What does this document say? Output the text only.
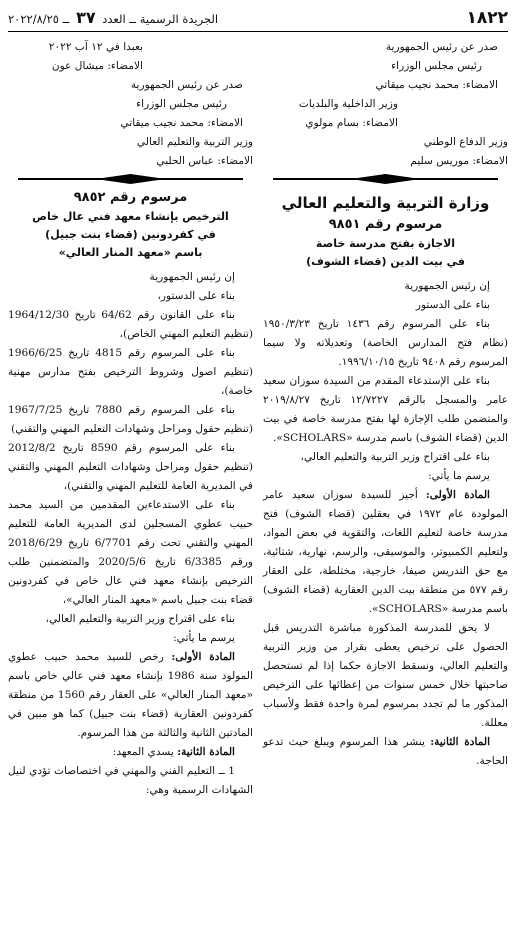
١٨٢٢
الجريدة الرسمية ــ العدد ٣٧ ــ ٢٠٢٢/٨/٢٥

صدر عن رئيس الجمهورية

رئيس مجلس الوزراء

الامضاء: محمد نجيب ميقاتي

وزير الداخلية والبلديات

الامضاء: بسام مولوي

وزير الدفاع الوطني

الامضاء: موريس سليم

وزارة التربية والتعليم العالي
مرسوم رقم ٩٨٥١
الاجازة بفتح مدرسة خاصة
في بيت الدين (قضاء الشوف)

إن رئيس الجمهورية

بناء على الدستور

بناء على المرسوم رقم ١٤٣٦ تاريخ ١٩٥٠/٣/٢٣ (نظام فتح المدارس الخاصة) وتعديلاته ولا سيما المرسوم رقم ٩٤٠٨ تاريخ ١٩٩٦/١٠/١٥.

بناء على الإستدعاء المقدم من السيدة سوزان سعيد عامر والمسجل بالرقم ١٢/٧٢٢٧ تاريخ ٢٠١٩/٨/٢٧ والمتضمن طلب الإجازة لها بفتح مدرسة خاصة في بيت الدين (قضاء الشوف) باسم مدرسة «SCHOLARS».

بناء على اقتراح وزير التربية والتعليم العالي،

يرسم ما يأتي:

المادة الأولى: أجيز للسيدة سوزان سعيد عامر المولودة عام ١٩٧٢ في بعقلين (قضاء الشوف) فتح مدرسة خاصة لتعليم اللغات، والتقوية في بعض المواد، ولتعليم الكمبيوتر، والموسيقى، والرسم، نهارية، شتائية، مع حق التدريس صيفا، خارجية، مختلطة، على العقار رقم ٥٧٧ من منطقة بيت الدين العقارية (قضاء الشوف) باسم مدرسة «SCHOLARS».

لا يحق للمدرسة المذكورة مباشرة التدريس قبل الحصول على ترخيص يعطى بقرار من وزير التربية والتعليم العالي، ونسقط الاجازة حكما إذا لم تستحصل صاحبتها خلال خمس سنوات من إعطائها على الترخيص المذكور ما لم تجدد بمرسوم لمرة واحدة فقط ولأسباب معللة.

المادة الثانية: ينشر هذا المرسوم ويبلغ حيث تدعو الحاجة.

بعبدا في ١٢ آب ٢٠٢٢

الامضاء: ميشال عون

صدر عن رئيس الجمهورية

رئيس مجلس الوزراء

الامضاء: محمد نجيب ميقاتي

وزير التربية والتعليم العالي

الامضاء: عباس الحلبي

مرسوم رقم ٩٨٥٢
الترخيص بإنشاء معهد فني عال خاص
في كفردونين (قضاء بنت جبيل)
باسم «معهد المنار العالي»

إن رئيس الجمهورية

بناء على الدستور،

بناء على القانون رقم 64/62 تاريخ 1964/12/30 (تنظيم التعليم المهني الخاص)،

بناء على المرسوم رقم 4815 تاريخ 1966/6/25 (تنظيم اصول وشروط الترخيص بفتح مدارس مهنية خاصة)،

بناء على المرسوم رقم 7880 تاريخ 1967/7/25 (تنظيم حقول ومراحل وشهادات التعليم المهني والتقني)

بناء على المرسوم رقم 8590 تاريخ 2012/8/2 (تنظيم حقول ومراحل وشهادات التعليم المهني والتقني في المديرية العامة للتعليم المهني والتقني)،

بناء على الاستدعاءين المقدمين من السيد محمد حبيب عطوي المسجلين لدى المديرية العامة للتعليم المهني والتقني تحت رقم 6/7701 تاريخ 2018/6/29 ورقم 6/3385 تاريخ 2020/5/6 والمتضمنين طلب الترخيص بإنشاء معهد فني عال خاص في كفردونين قضاء بنت جبيل باسم «معهد المنار العالي»،

بناء على اقتراح وزير التربية والتعليم العالي،

يرسم ما يأتي:

المادة الأولى: رخص للسيد محمد حبيب عطوي المولود سنة 1986 بإنشاء معهد فني عالي خاص باسم «معهد المنار العالي» على العقار رقم 1560 من منطقة كفردونين العقارية (قضاء بنت جبيل) كما هو مبين في المادتين الثانية والثالثة من هذا المرسوم.

المادة الثانية: يسدي المعهد:

1 ــ التعليم الفني والمهني في اختصاصات تؤدي لنيل الشهادات الرسمية وهي:
